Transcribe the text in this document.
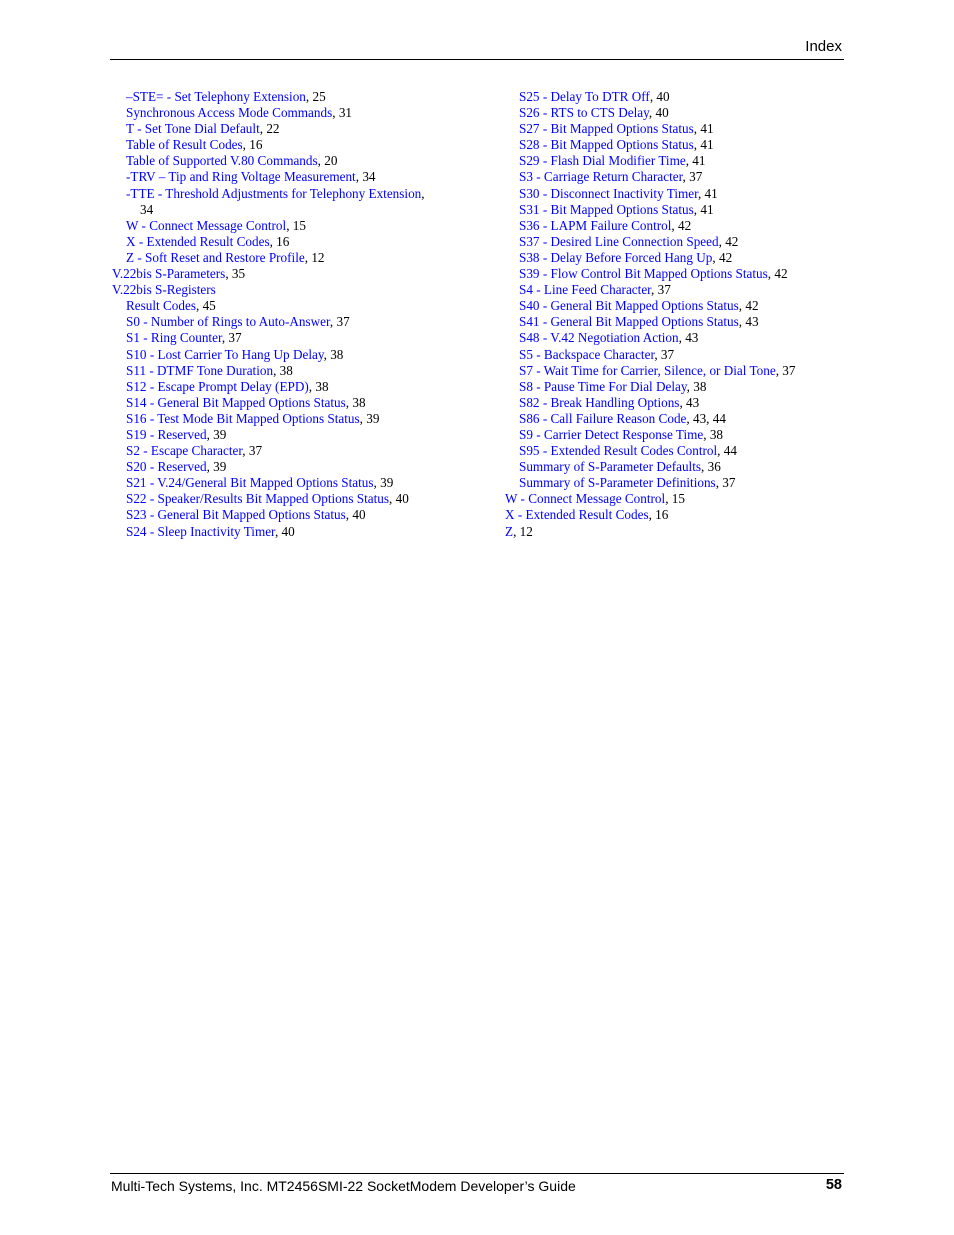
Index
–STE= - Set Telephony Extension, 25
Synchronous Access Mode Commands, 31
T - Set Tone Dial Default, 22
Table of Result Codes, 16
Table of Supported V.80 Commands, 20
-TRV – Tip and Ring Voltage Measurement, 34
-TTE - Threshold Adjustments for Telephony Extension,
34
W - Connect Message Control, 15
X - Extended Result Codes, 16
Z - Soft Reset and Restore Profile, 12
V.22bis S-Parameters, 35
V.22bis S-Registers
Result Codes, 45
S0 - Number of Rings to Auto-Answer, 37
S1 - Ring Counter, 37
S10 - Lost Carrier To Hang Up Delay, 38
S11 - DTMF Tone Duration, 38
S12 - Escape Prompt Delay (EPD), 38
S14 - General Bit Mapped Options Status, 38
S16 - Test Mode Bit Mapped Options Status, 39
S19 - Reserved, 39
S2 - Escape Character, 37
S20 - Reserved, 39
S21 - V.24/General Bit Mapped Options Status, 39
S22 - Speaker/Results Bit Mapped Options Status, 40
S23 - General Bit Mapped Options Status, 40
S24 - Sleep Inactivity Timer, 40
S25 - Delay To DTR Off, 40
S26 - RTS to CTS Delay, 40
S27 - Bit Mapped Options Status, 41
S28 - Bit Mapped Options Status, 41
S29 - Flash Dial Modifier Time, 41
S3 - Carriage Return Character, 37
S30 - Disconnect Inactivity Timer, 41
S31 - Bit Mapped Options Status, 41
S36 - LAPM Failure Control, 42
S37 - Desired Line Connection Speed, 42
S38 - Delay Before Forced Hang Up, 42
S39 - Flow Control Bit Mapped Options Status, 42
S4 - Line Feed Character, 37
S40 - General Bit Mapped Options Status, 42
S41 - General Bit Mapped Options Status, 43
S48 - V.42 Negotiation Action, 43
S5 - Backspace Character, 37
S7 - Wait Time for Carrier, Silence, or Dial Tone, 37
S8 - Pause Time For Dial Delay, 38
S82 - Break Handling Options, 43
S86 - Call Failure Reason Code, 43, 44
S9 - Carrier Detect Response Time, 38
S95 - Extended Result Codes Control, 44
Summary of S-Parameter Defaults, 36
Summary of S-Parameter Definitions, 37
W - Connect Message Control, 15
X - Extended Result Codes, 16
Z, 12
Multi-Tech Systems, Inc. MT2456SMI-22 SocketModem Developer’s Guide	58
